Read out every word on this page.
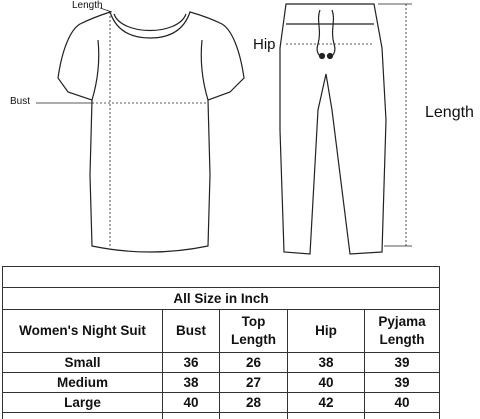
Length
Bust
Hip
Length

All Size in Inch				
Women's Night Suit	Bust	Top Length	Hip	Pyjama Length
Small	36	26	38	39
Medium	38	27	40	39
Large	40	28	42	40
